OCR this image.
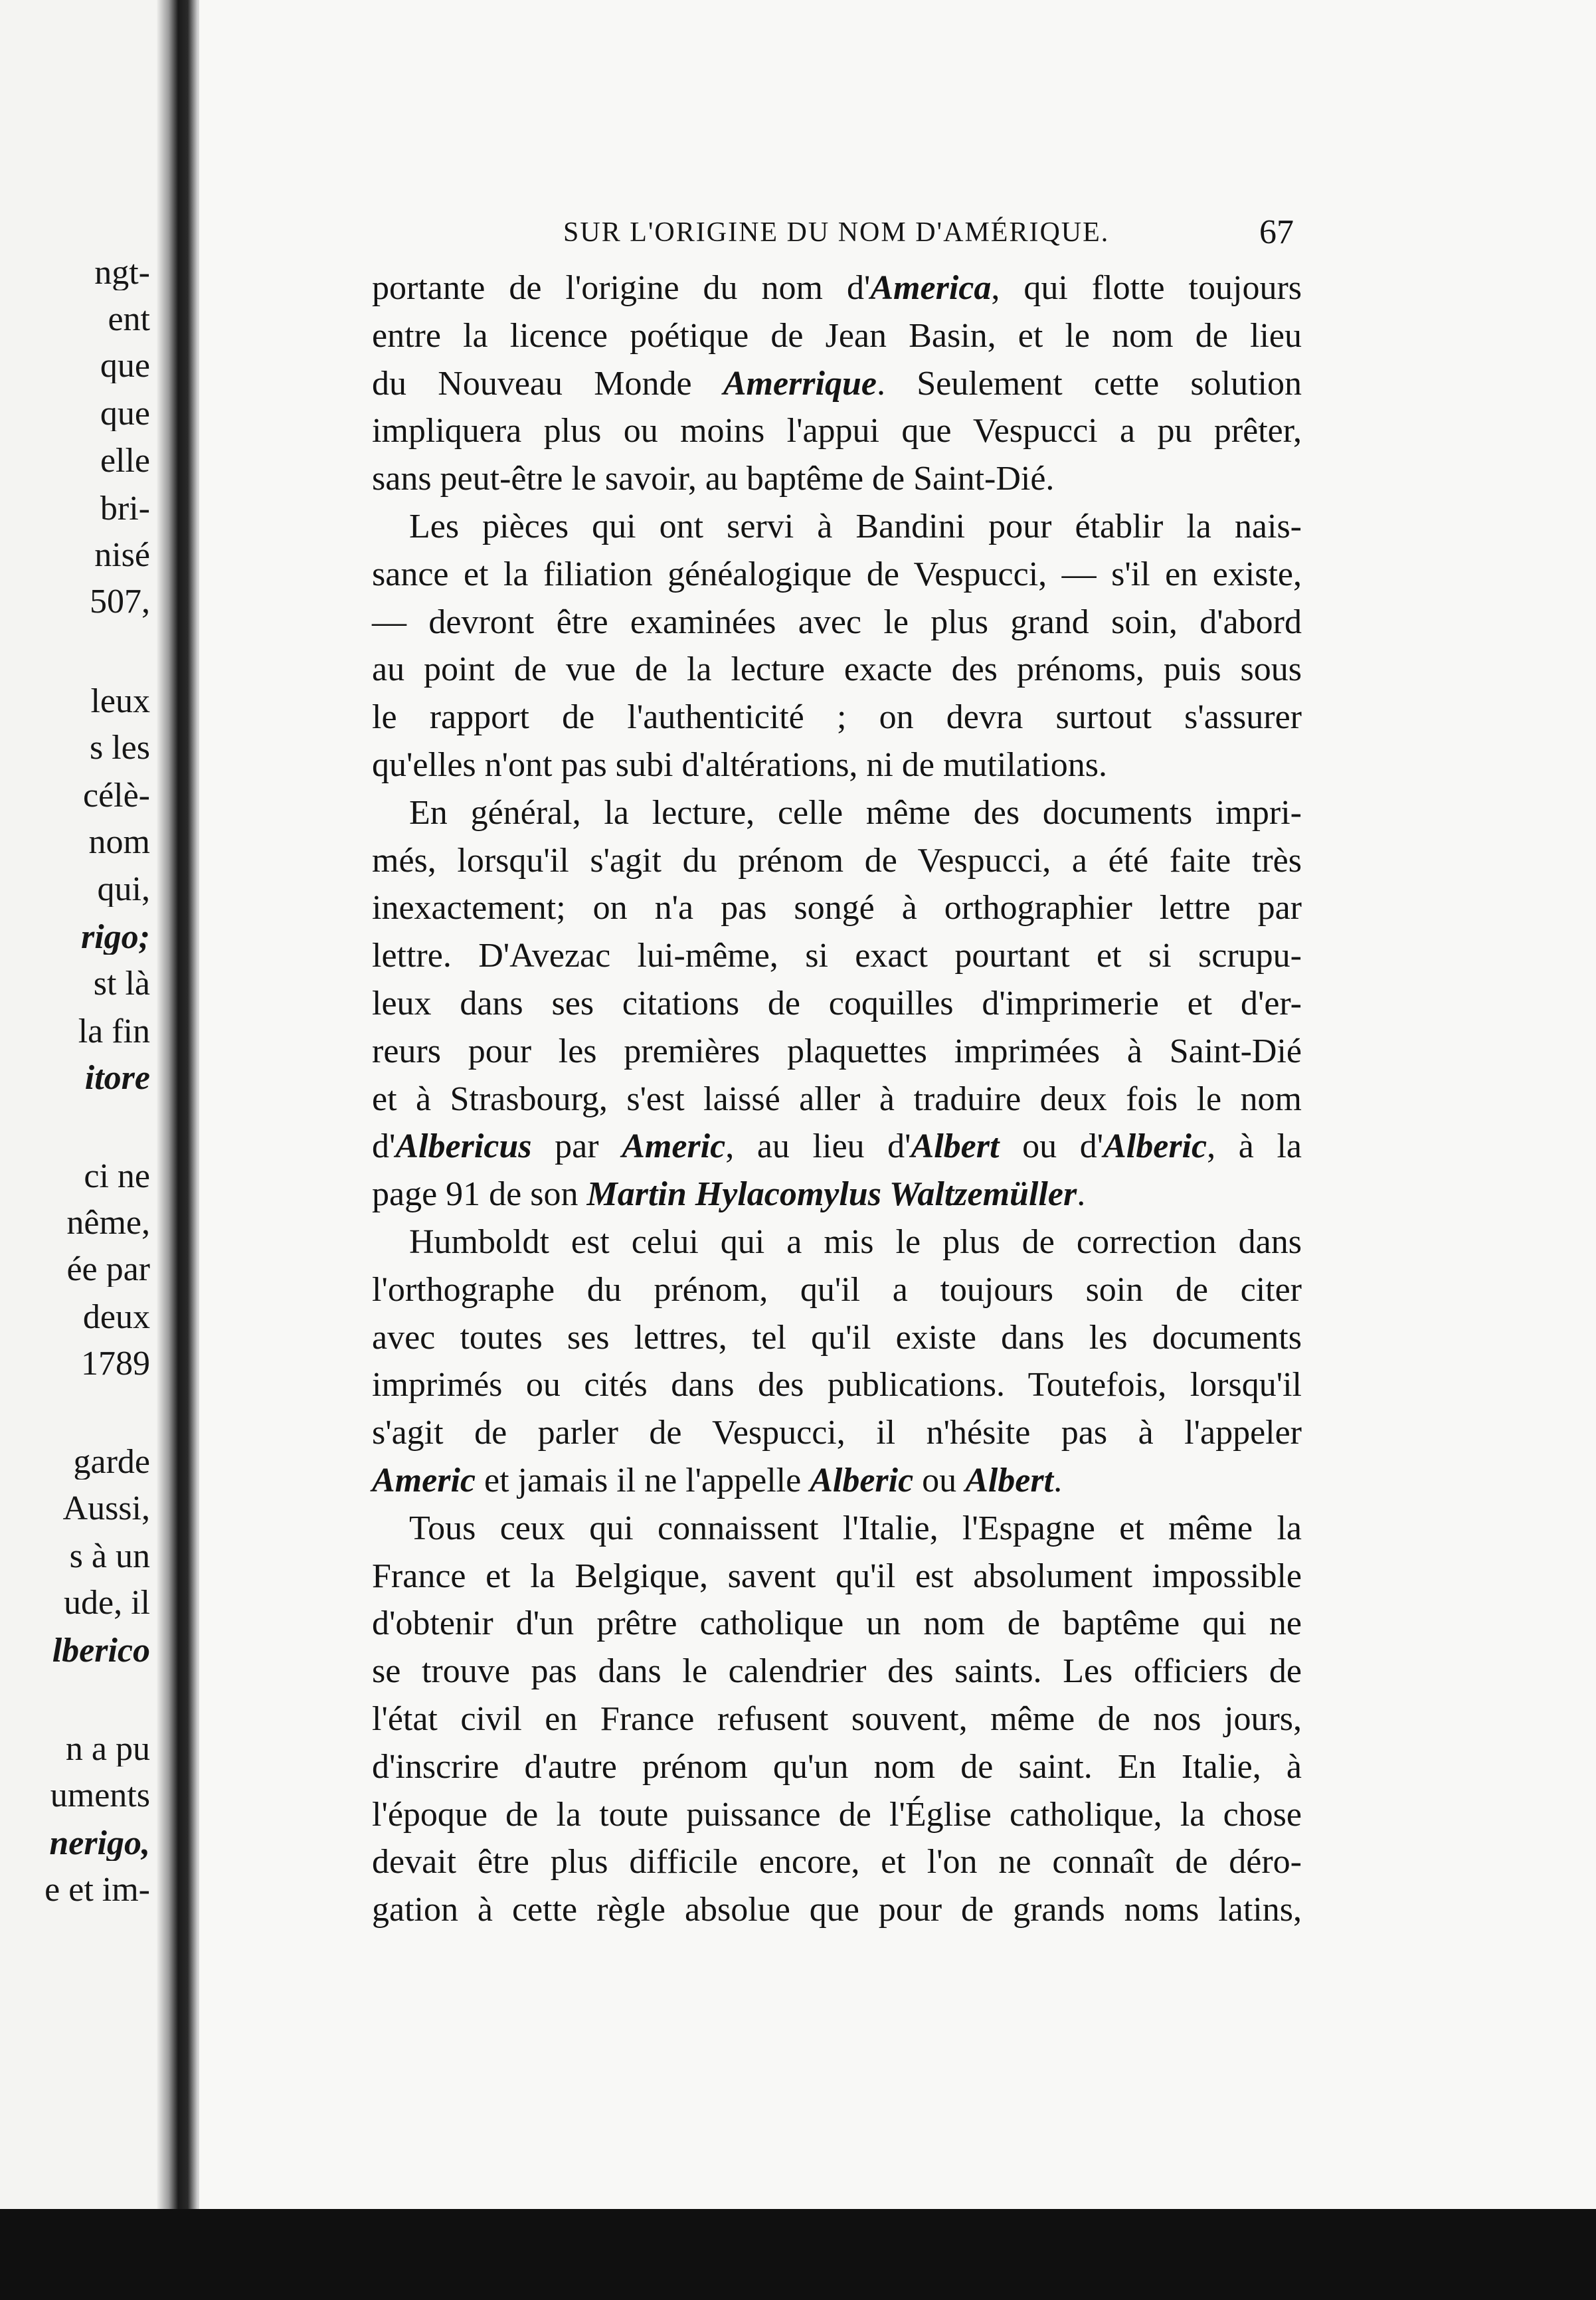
ngt-
ent
que
que
elle
bri-
nisé
507,
leux
s les
célè-
nom
qui,
rigo;
st là
la fin
itore
ci ne
nême,
ée par
deux
1789
garde
Aussi,
s à un
ude, il
lberico
n a pu
uments
nerigo,
e et im-
SUR L'ORIGINE DU NOM D'AMÉRIQUE.	67
portante de l'origine du nom d'America, qui flotte toujours
entre la licence poétique de Jean Basin, et le nom de lieu
du Nouveau Monde Amerrique. Seulement cette solution
impliquera plus ou moins l'appui que Vespucci a pu prêter,
sans peut-être le savoir, au baptême de Saint-Dié.
Les pièces qui ont servi à Bandini pour établir la nais-
sance et la filiation généalogique de Vespucci, — s'il en existe,
— devront être examinées avec le plus grand soin, d'abord
au point de vue de la lecture exacte des prénoms, puis sous
le rapport de l'authenticité ; on devra surtout s'assurer
qu'elles n'ont pas subi d'altérations, ni de mutilations.
En général, la lecture, celle même des documents impri-
més, lorsqu'il s'agit du prénom de Vespucci, a été faite très
inexactement; on n'a pas songé à orthographier lettre par
lettre. D'Avezac lui-même, si exact pourtant et si scrupu-
leux dans ses citations de coquilles d'imprimerie et d'er-
reurs pour les premières plaquettes imprimées à Saint-Dié
et à Strasbourg, s'est laissé aller à traduire deux fois le nom
d'Albericus par Americ, au lieu d'Albert ou d'Alberic, à la
page 91 de son Martin Hylacomylus Waltzemüller.
Humboldt est celui qui a mis le plus de correction dans
l'orthographe du prénom, qu'il a toujours soin de citer
avec toutes ses lettres, tel qu'il existe dans les documents
imprimés ou cités dans des publications. Toutefois, lorsqu'il
s'agit de parler de Vespucci, il n'hésite pas à l'appeler
Americ et jamais il ne l'appelle Alberic ou Albert.
Tous ceux qui connaissent l'Italie, l'Espagne et même la
France et la Belgique, savent qu'il est absolument impossible
d'obtenir d'un prêtre catholique un nom de baptême qui ne
se trouve pas dans le calendrier des saints. Les officiers de
l'état civil en France refusent souvent, même de nos jours,
d'inscrire d'autre prénom qu'un nom de saint. En Italie, à
l'époque de la toute puissance de l'Église catholique, la chose
devait être plus difficile encore, et l'on ne connaît de déro-
gation à cette règle absolue que pour de grands noms latins,
